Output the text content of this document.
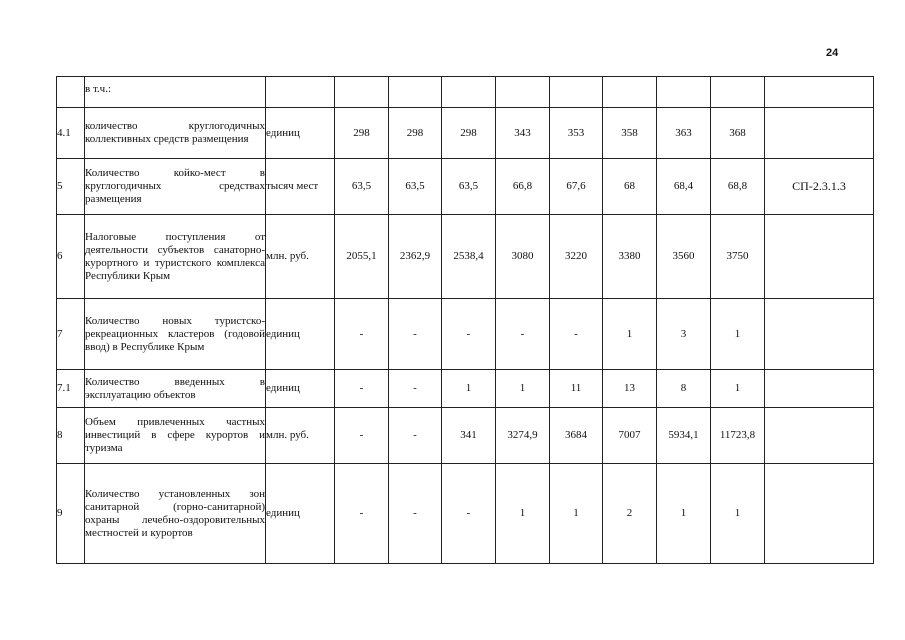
24
	в т.ч.:										
4.1	количество круглогодичных коллективных средств размещения	единиц	298	298	298	343	353	358	363	368	
5	Количество койко-мест в круглогодичных средствах размещения	тысяч мест	63,5	63,5	63,5	66,8	67,6	68	68,4	68,8	СП-2.3.1.3
6	Налоговые поступления от деятельности субъектов санаторно-курортного и туристского комплекса Республики Крым	млн. руб.	2055,1	2362,9	2538,4	3080	3220	3380	3560	3750	
7	Количество новых туристско-рекреационных кластеров (годовой ввод) в Республике Крым	единиц	-	-	-	-	-	1	3	1	
7.1	Количество введенных в эксплуатацию объектов	единиц	-	-	1	1	11	13	8	1	
8	Объем привлеченных частных инвестиций в сфере курортов и туризма	млн. руб.	-	-	341	3274,9	3684	7007	5934,1	11723,8	
9	Количество установленных зон санитарной (горно-санитарной) охраны лечебно-оздоровительных местностей и курортов	единиц	-	-	-	1	1	2	1	1	
